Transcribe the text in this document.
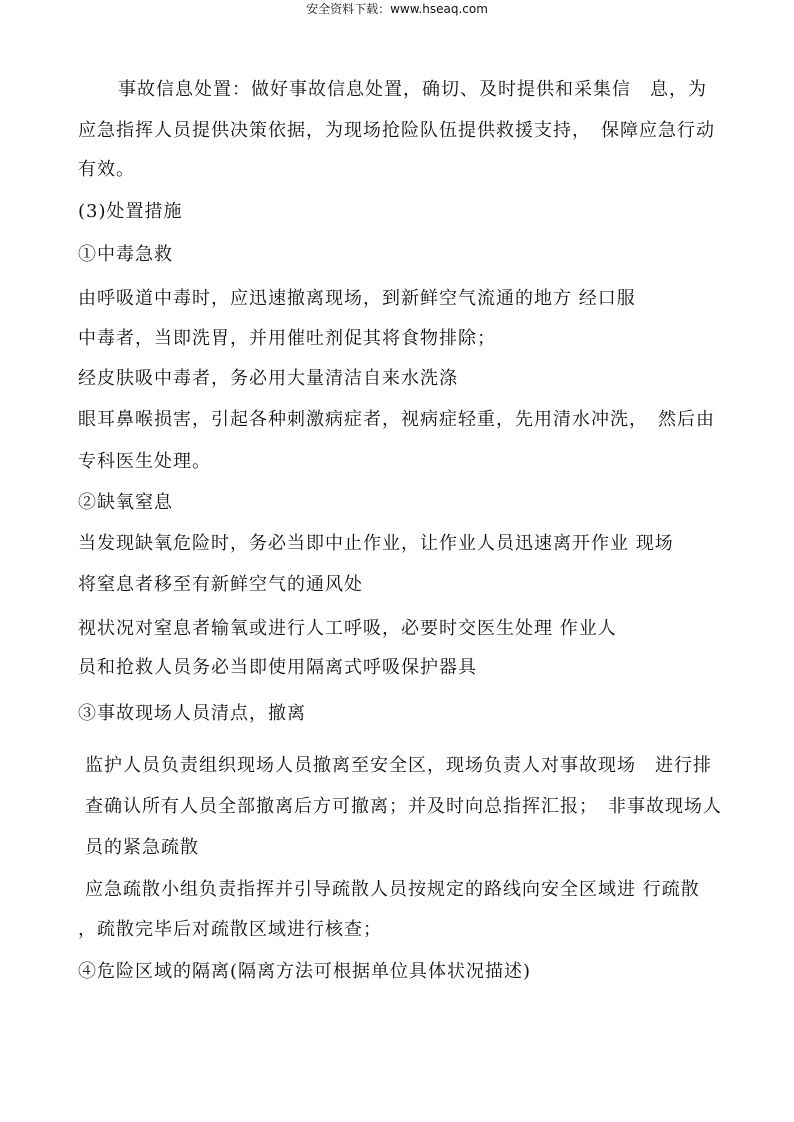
安全资料下载：www.hseaq.com
事故信息处置：做好事故信息处置，确切、及时提供和采集信　息，为
应急指挥人员提供决策依据，为现场抢险队伍提供救援支持，　保障应急行动
有效。
(3)处置措施
①中毒急救
由呼吸道中毒时，应迅速撤离现场，到新鲜空气流通的地方 经口服
中毒者，当即洗胃，并用催吐剂促其将食物排除；
经皮肤吸中毒者，务必用大量清洁自来水洗涤
眼耳鼻喉损害，引起各种刺激病症者，视病症轻重，先用清水冲洗，　然后由
专科医生处理。
②缺氧窒息
当发现缺氧危险时，务必当即中止作业，让作业人员迅速离开作业 现场
将窒息者移至有新鲜空气的通风处
视状况对窒息者输氧或进行人工呼吸，必要时交医生处理 作业人
员和抢救人员务必当即使用隔离式呼吸保护器具
③事故现场人员清点，撤离
监护人员负责组织现场人员撤离至安全区，现场负责人对事故现场　进行排
查确认所有人员全部撤离后方可撤离；并及时向总指挥汇报；　非事故现场人
员的紧急疏散
应急疏散小组负责指挥并引导疏散人员按规定的路线向安全区域进 行疏散
，疏散完毕后对疏散区域进行核查；
④危险区域的隔离(隔离方法可根据单位具体状况描述)
